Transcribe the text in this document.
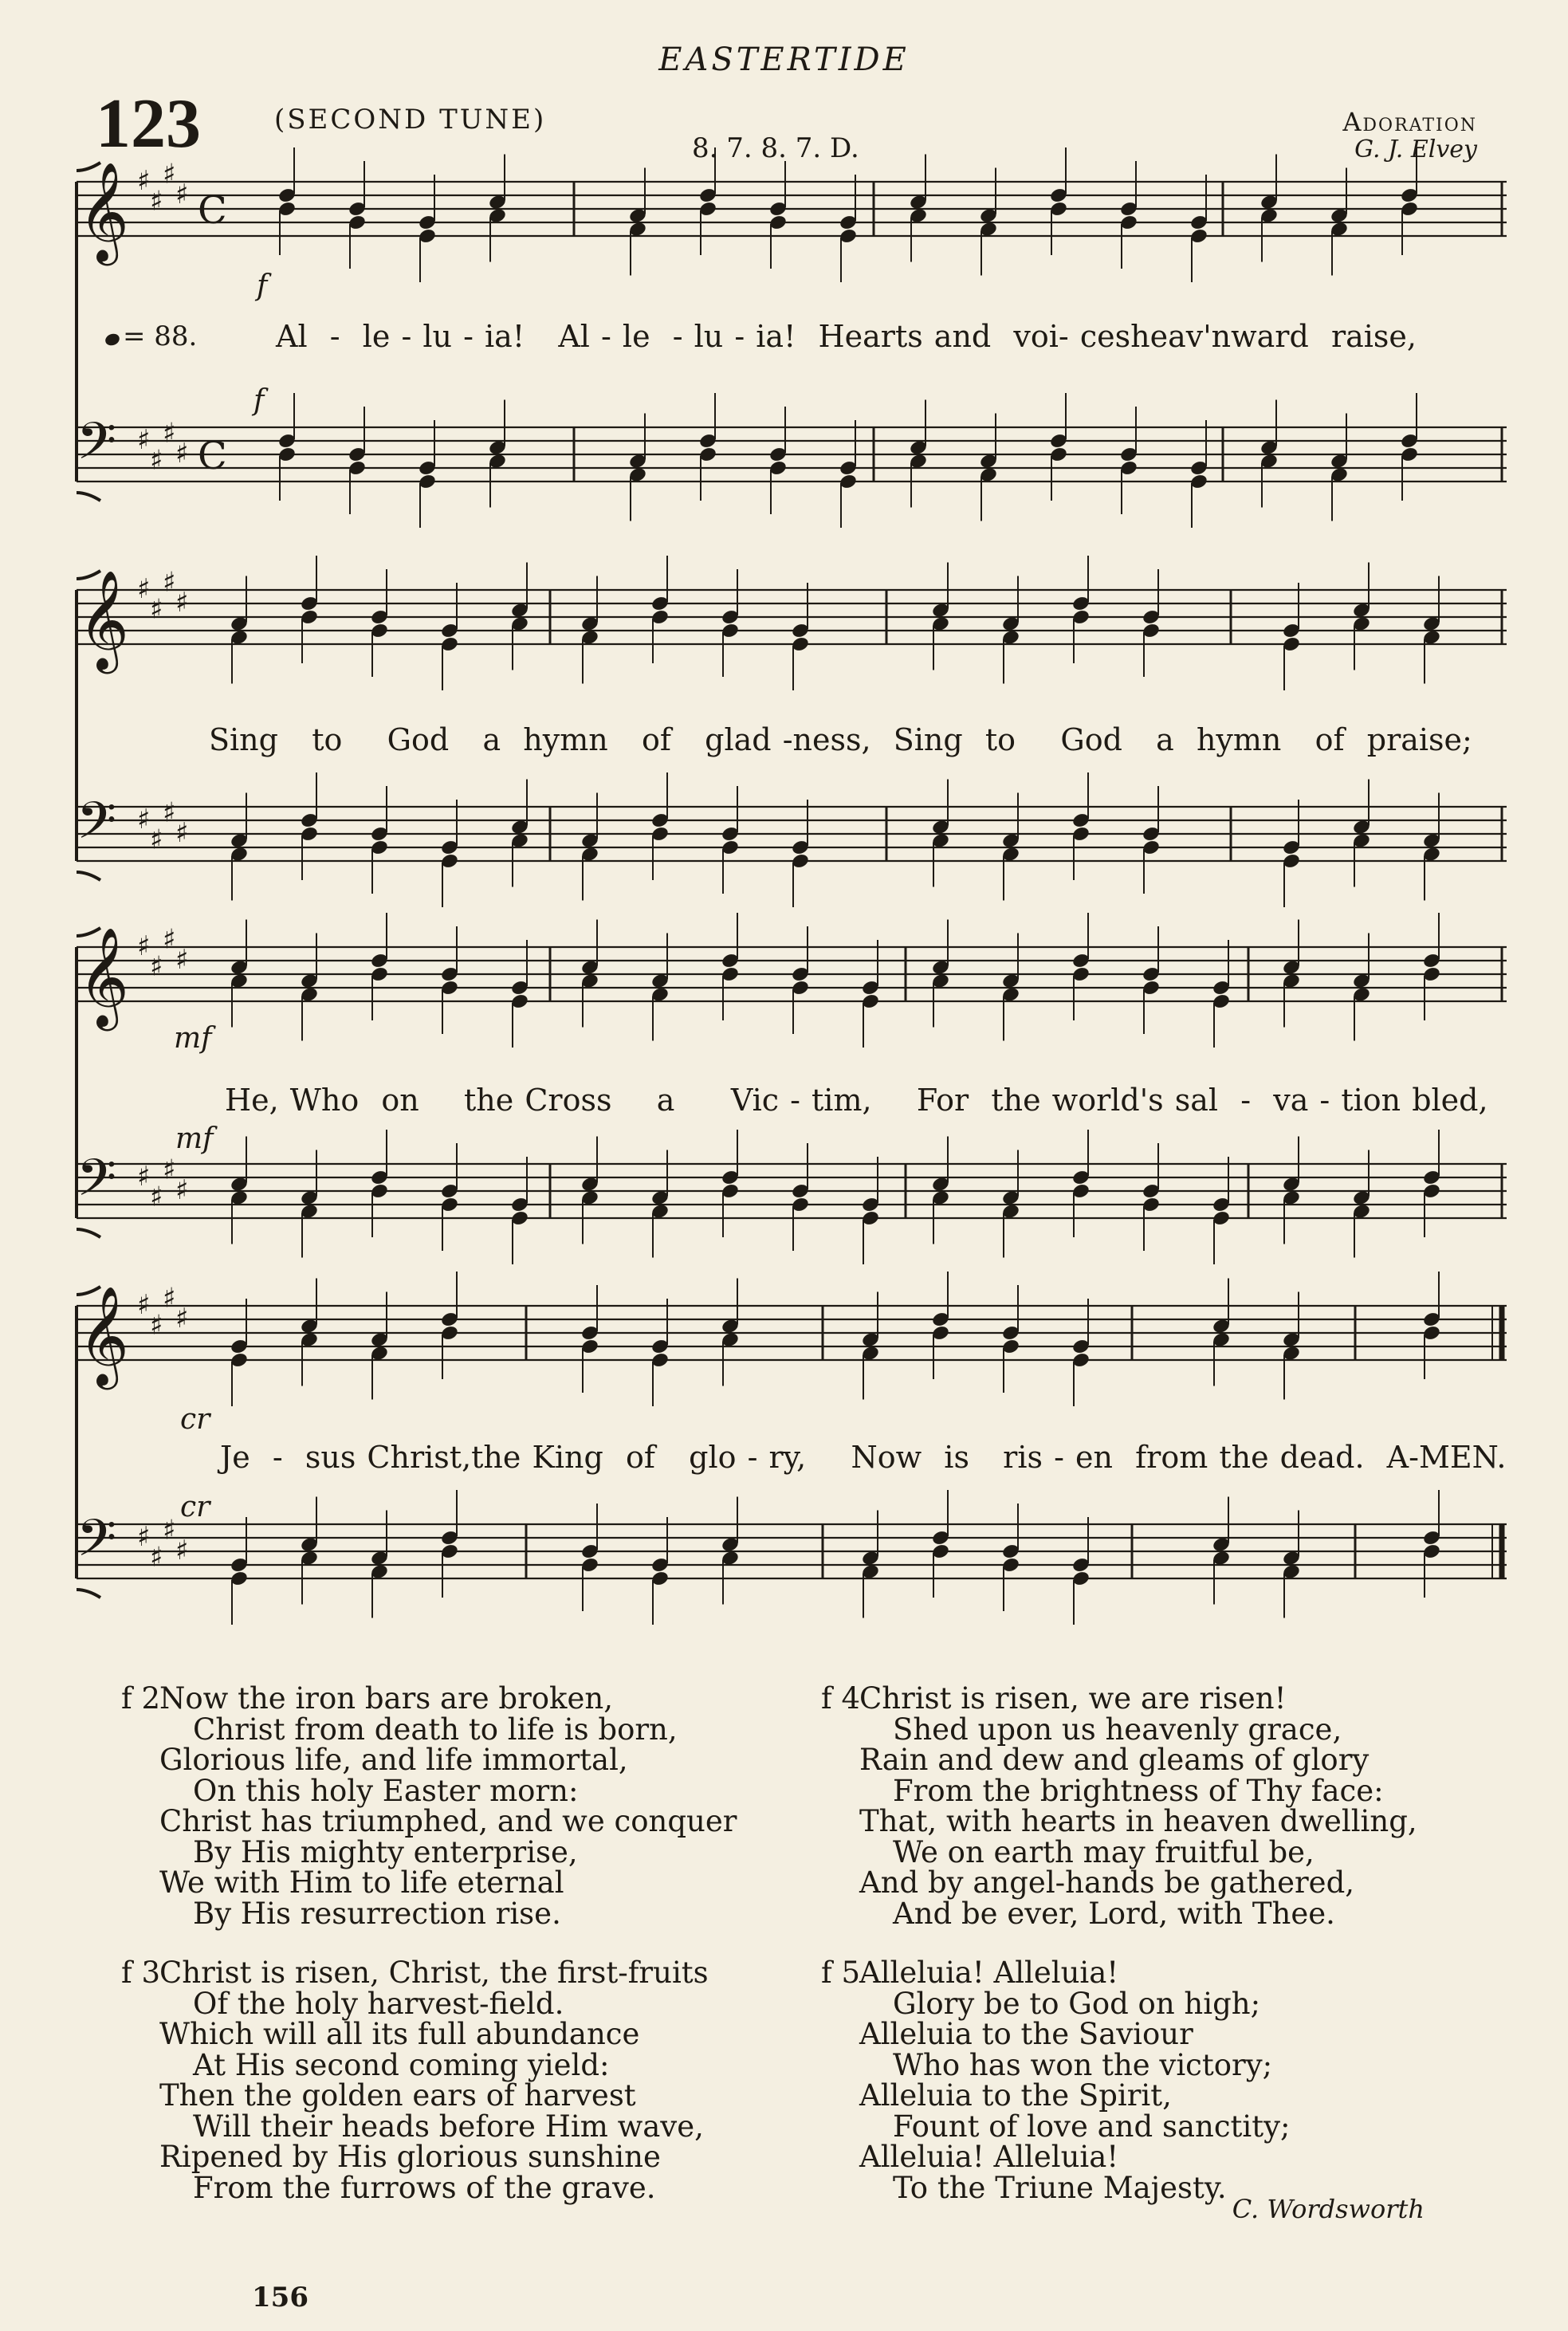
EASTERTIDE
123	(SECOND TUNE)
8. 7. 8. 7. D.
Adoration
G. J. Elvey
𝄞 ♯
♯
♯
♯ C
𝄢 ♯
♯
♯
♯ C
𝄞 ♯
♯
♯
♯
𝄢 ♯
♯
♯
♯
𝄞 ♯
♯
♯
♯
𝄢 ♯
♯
♯
♯
𝄞 ♯
♯
♯
♯
𝄢 ♯
♯
♯
♯
= 88.
f
f
mf
mf
cr
cr
Al  -  le - lu - ia!   Al - le  - lu - ia!  Hearts and  voi- cesheav'nward  raise,
Sing   to    God   a  hymn   of   glad -ness,  Sing  to    God   a  hymn   of  praise;
He, Who  on    the Cross    a     Vic - tim,    For  the world's sal  -  va - tion bled,
Je  -  sus Christ,the King  of   glo - ry,    Now  is   ris - en  from the dead.  A-MEN.
f 2 Now the iron bars are broken,
Christ from death to life is born,
Glorious life, and life immortal,
On this holy Easter morn:
Christ has triumphed, and we conquer
By His mighty enterprise,
We with Him to life eternal
By His resurrection rise.
f 3 Christ is risen, Christ, the first-fruits
Of the holy harvest-field.
Which will all its full abundance
At His second coming yield:
Then the golden ears of harvest
Will their heads before Him wave,
Ripened by His glorious sunshine
From the furrows of the grave.
f 4 Christ is risen, we are risen!
Shed upon us heavenly grace,
Rain and dew and gleams of glory
From the brightness of Thy face:
That, with hearts in heaven dwelling,
We on earth may fruitful be,
And by angel-hands be gathered,
And be ever, Lord, with Thee.
f 5 Alleluia! Alleluia!
Glory be to God on high;
Alleluia to the Saviour
Who has won the victory;
Alleluia to the Spirit,
Fount of love and sanctity;
Alleluia! Alleluia!
To the Triune Majesty.
C. Wordsworth
156
